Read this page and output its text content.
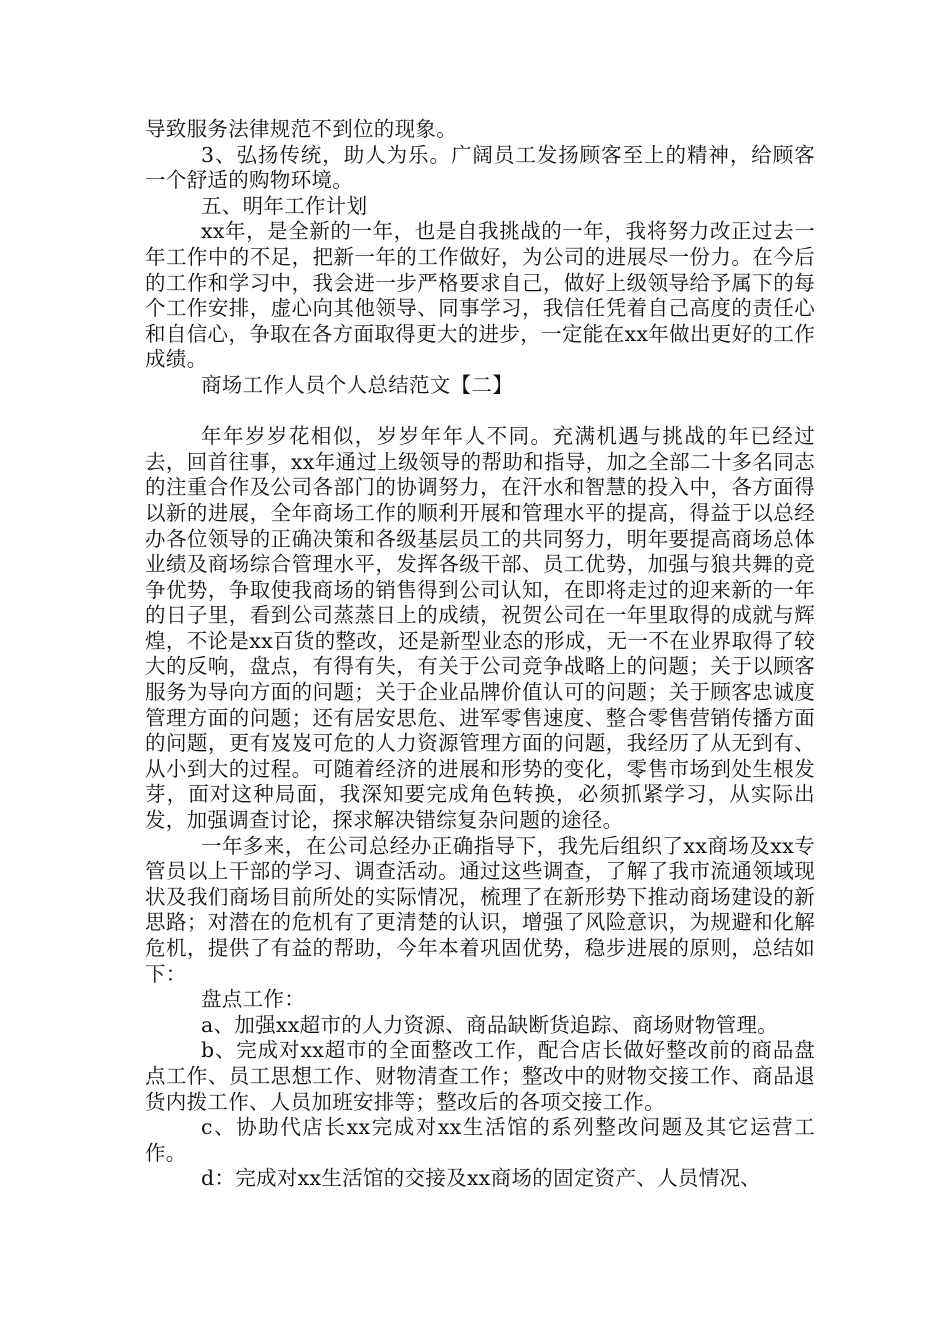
导致服务法律规范不到位的现象。

3、弘扬传统，助人为乐。广阔员工发扬顾客至上的精神，给顾客一个舒适的购物环境。

五、明年工作计划

xx年，是全新的一年，也是自我挑战的一年，我将努力改正过去一年工作中的不足，把新一年的工作做好，为公司的进展尽一份力。在今后的工作和学习中，我会进一步严格要求自己，做好上级领导给予属下的每个工作安排，虚心向其他领导、同事学习，我信任凭着自己高度的责任心和自信心，争取在各方面取得更大的进步，一定能在xx年做出更好的工作成绩。

商场工作人员个人总结范文【二】

年年岁岁花相似，岁岁年年人不同。充满机遇与挑战的年已经过去，回首往事，xx年通过上级领导的帮助和指导，加之全部二十多名同志的注重合作及公司各部门的协调努力，在汗水和智慧的投入中，各方面得以新的进展，全年商场工作的顺利开展和管理水平的提高，得益于以总经办各位领导的正确决策和各级基层员工的共同努力，明年要提高商场总体业绩及商场综合管理水平，发挥各级干部、员工优势，加强与狼共舞的竞争优势，争取使我商场的销售得到公司认知，在即将走过的迎来新的一年的日子里，看到公司蒸蒸日上的成绩，祝贺公司在一年里取得的成就与辉煌，不论是xx百货的整改，还是新型业态的形成，无一不在业界取得了较大的反响，盘点，有得有失，有关于公司竞争战略上的问题；关于以顾客服务为导向方面的问题；关于企业品牌价值认可的问题；关于顾客忠诚度管理方面的问题；还有居安思危、进军零售速度、整合零售营销传播方面的问题，更有岌岌可危的人力资源管理方面的问题，我经历了从无到有、从小到大的过程。可随着经济的进展和形势的变化，零售市场到处生根发芽，面对这种局面，我深知要完成角色转换，必须抓紧学习，从实际出发，加强调查讨论，探求解决错综复杂问题的途径。

一年多来，在公司总经办正确指导下，我先后组织了xx商场及xx专管员以上干部的学习、调查活动。通过这些调查，了解了我市流通领域现状及我们商场目前所处的实际情况，梳理了在新形势下推动商场建设的新思路；对潜在的危机有了更清楚的认识，增强了风险意识，为规避和化解危机，提供了有益的帮助，今年本着巩固优势，稳步进展的原则，总结如下：

盘点工作：

a、加强xx超市的人力资源、商品缺断货追踪、商场财物管理。

b、完成对xx超市的全面整改工作，配合店长做好整改前的商品盘点工作、员工思想工作、财物清查工作；整改中的财物交接工作、商品退货内拨工作、人员加班安排等；整改后的各项交接工作。

c、协助代店长xx完成对xx生活馆的系列整改问题及其它运营工作。

d：完成对xx生活馆的交接及xx商场的固定资产、人员情况、
